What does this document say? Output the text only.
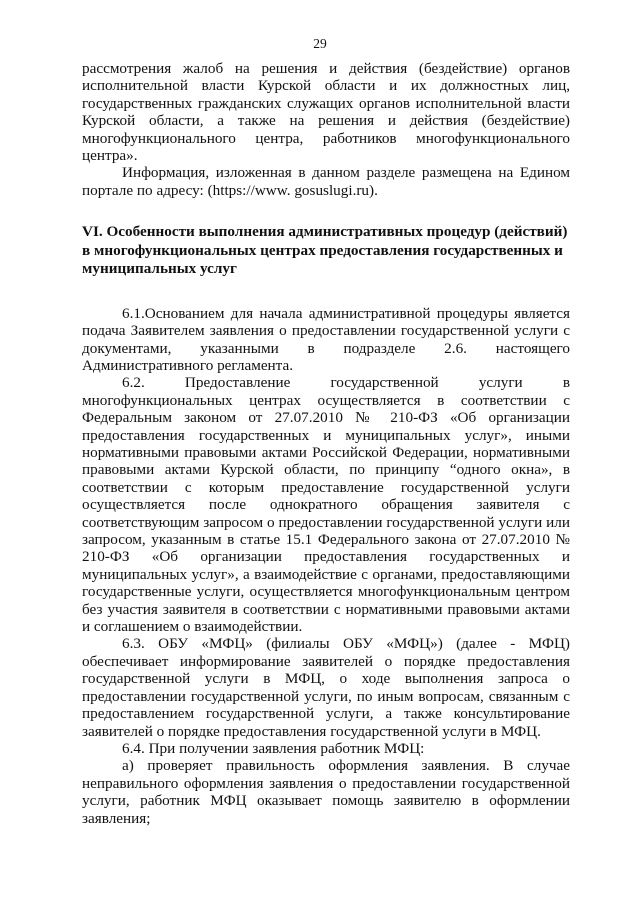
29

рассмотрения жалоб на решения и действия (бездействие) органов исполнительной власти Курской области и их должностных лиц, государственных гражданских служащих органов исполнительной власти Курской области, а также на решения и действия (бездействие) многофункционального центра, работников многофункционального центра».

Информация, изложенная в данном разделе размещена на Едином портале по адресу: (https://www. gosuslugi.ru).

VI. Особенности выполнения административных процедур (действий) в многофункциональных центрах предоставления государственных и муниципальных услуг

6.1.Основанием для начала административной процедуры является подача Заявителем заявления о предоставлении государственной услуги с документами, указанными в подразделе 2.6. настоящего Административного регламента.

6.2. Предоставление государственной услуги в многофункциональных центрах осуществляется в соответствии с Федеральным законом от 27.07.2010 № 210-ФЗ «Об организации предоставления государственных и муниципальных услуг», иными нормативными правовыми актами Российской Федерации, нормативными правовыми актами Курской области, по принципу “одного окна», в соответствии с которым предоставление государственной услуги осуществляется после однократного обращения заявителя с соответствующим запросом о предоставлении государственной услуги или запросом, указанным в статье 15.1 Федерального закона от 27.07.2010 № 210-ФЗ «Об организации предоставления государственных и муниципальных услуг», а взаимодействие с органами, предоставляющими государственные услуги, осуществляется многофункциональным центром без участия заявителя в соответствии с нормативными правовыми актами и соглашением о взаимодействии.

6.3. ОБУ «МФЦ» (филиалы ОБУ «МФЦ») (далее - МФЦ) обеспечивает информирование заявителей о порядке предоставления государственной услуги в МФЦ, о ходе выполнения запроса о предоставлении государственной услуги, по иным вопросам, связанным с предоставлением государственной услуги, а также консультирование заявителей о порядке предоставления государственной услуги в МФЦ.

6.4. При получении заявления работник МФЦ:

а) проверяет правильность оформления заявления. В случае неправильного оформления заявления о предоставлении государственной услуги, работник МФЦ оказывает помощь заявителю в оформлении заявления;
